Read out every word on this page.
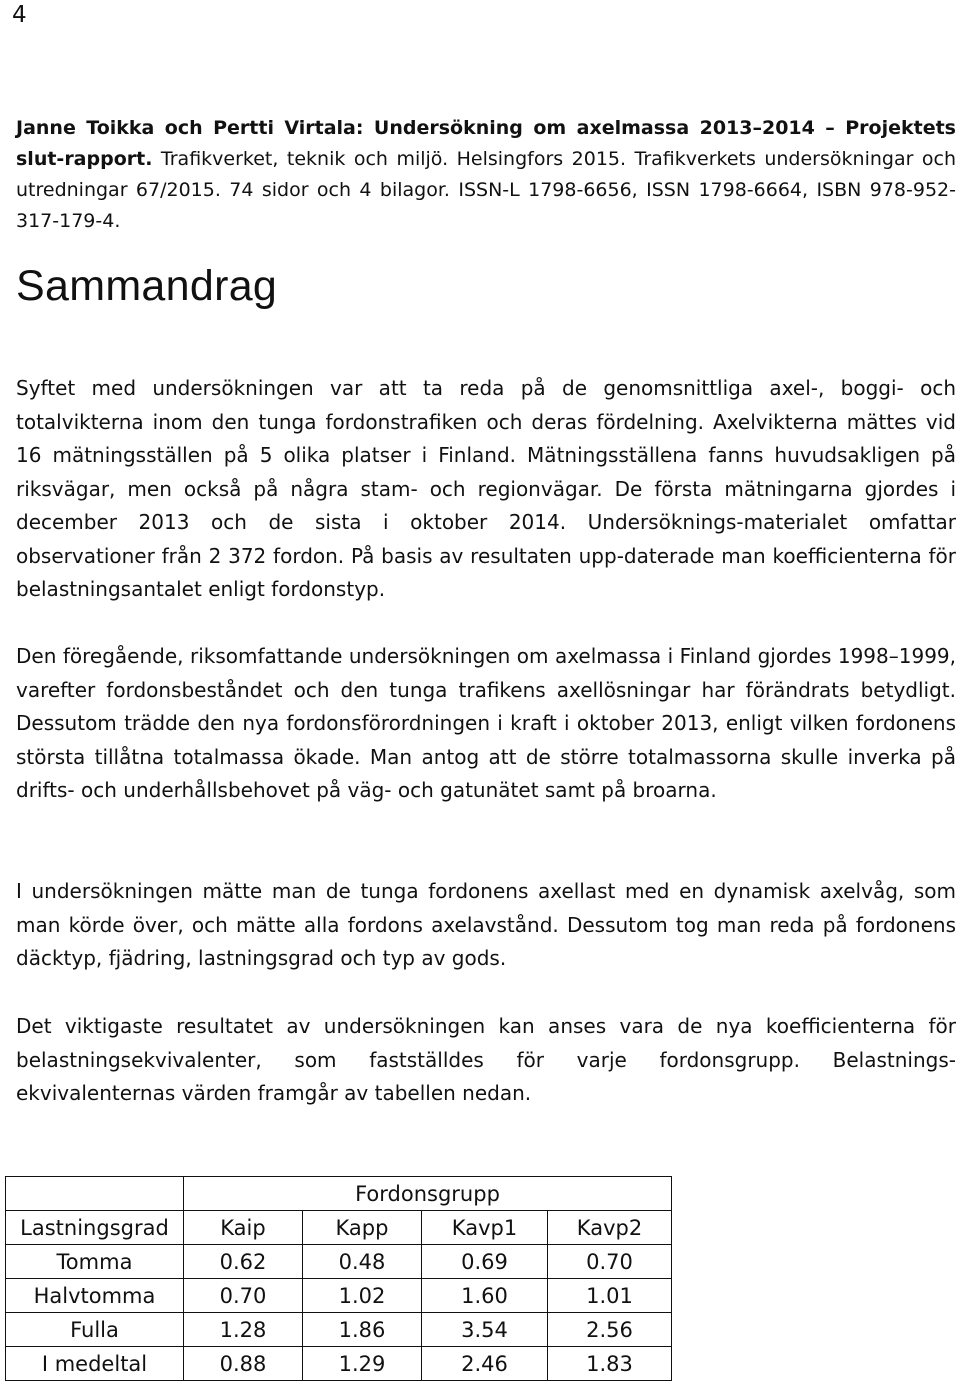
4

Janne Toikka och Pertti Virtala: Undersökning om axelmassa 2013–2014 – Projektets slut-rapport. Trafikverket, teknik och miljö. Helsingfors 2015. Trafikverkets undersökningar och utredningar 67/2015. 74 sidor och 4 bilagor. ISSN-L 1798-6656, ISSN 1798-6664, ISBN 978-952-317-179-4.

Sammandrag

Syftet med undersökningen var att ta reda på de genomsnittliga axel-, boggi- och totalvikterna inom den tunga fordonstrafiken och deras fördelning. Axelvikterna mättes vid 16 mätningsställen på 5 olika platser i Finland. Mätningsställena fanns huvudsakligen på riksvägar, men också på några stam- och regionvägar. De första mätningarna gjordes i december 2013 och de sista i oktober 2014. Undersöknings-materialet omfattar observationer från 2 372 fordon. På basis av resultaten upp-daterade man koefficienterna för belastningsantalet enligt fordonstyp.

Den föregående, riksomfattande undersökningen om axelmassa i Finland gjordes 1998–1999, varefter fordonsbeståndet och den tunga trafikens axellösningar har förändrats betydligt. Dessutom trädde den nya fordonsförordningen i kraft i oktober 2013, enligt vilken fordonens största tillåtna totalmassa ökade. Man antog att de större totalmassorna skulle inverka på drifts- och underhållsbehovet på väg- och gatunätet samt på broarna.

I undersökningen mätte man de tunga fordonens axellast med en dynamisk axelvåg, som man körde över, och mätte alla fordons axelavstånd. Dessutom tog man reda på fordonens däcktyp, fjädring, lastningsgrad och typ av gods.

Det viktigaste resultatet av undersökningen kan anses vara de nya koefficienterna för belastningsekvivalenter, som fastställdes för varje fordonsgrupp. Belastnings-ekvivalenternas värden framgår av tabellen nedan.

	Fordonsgrupp			
Lastningsgrad	Kaip	Kapp	Kavp1	Kavp2
Tomma	0.62	0.48	0.69	0.70
Halvtomma	0.70	1.02	1.60	1.01
Fulla	1.28	1.86	3.54	2.56
I medeltal	0.88	1.29	2.46	1.83
